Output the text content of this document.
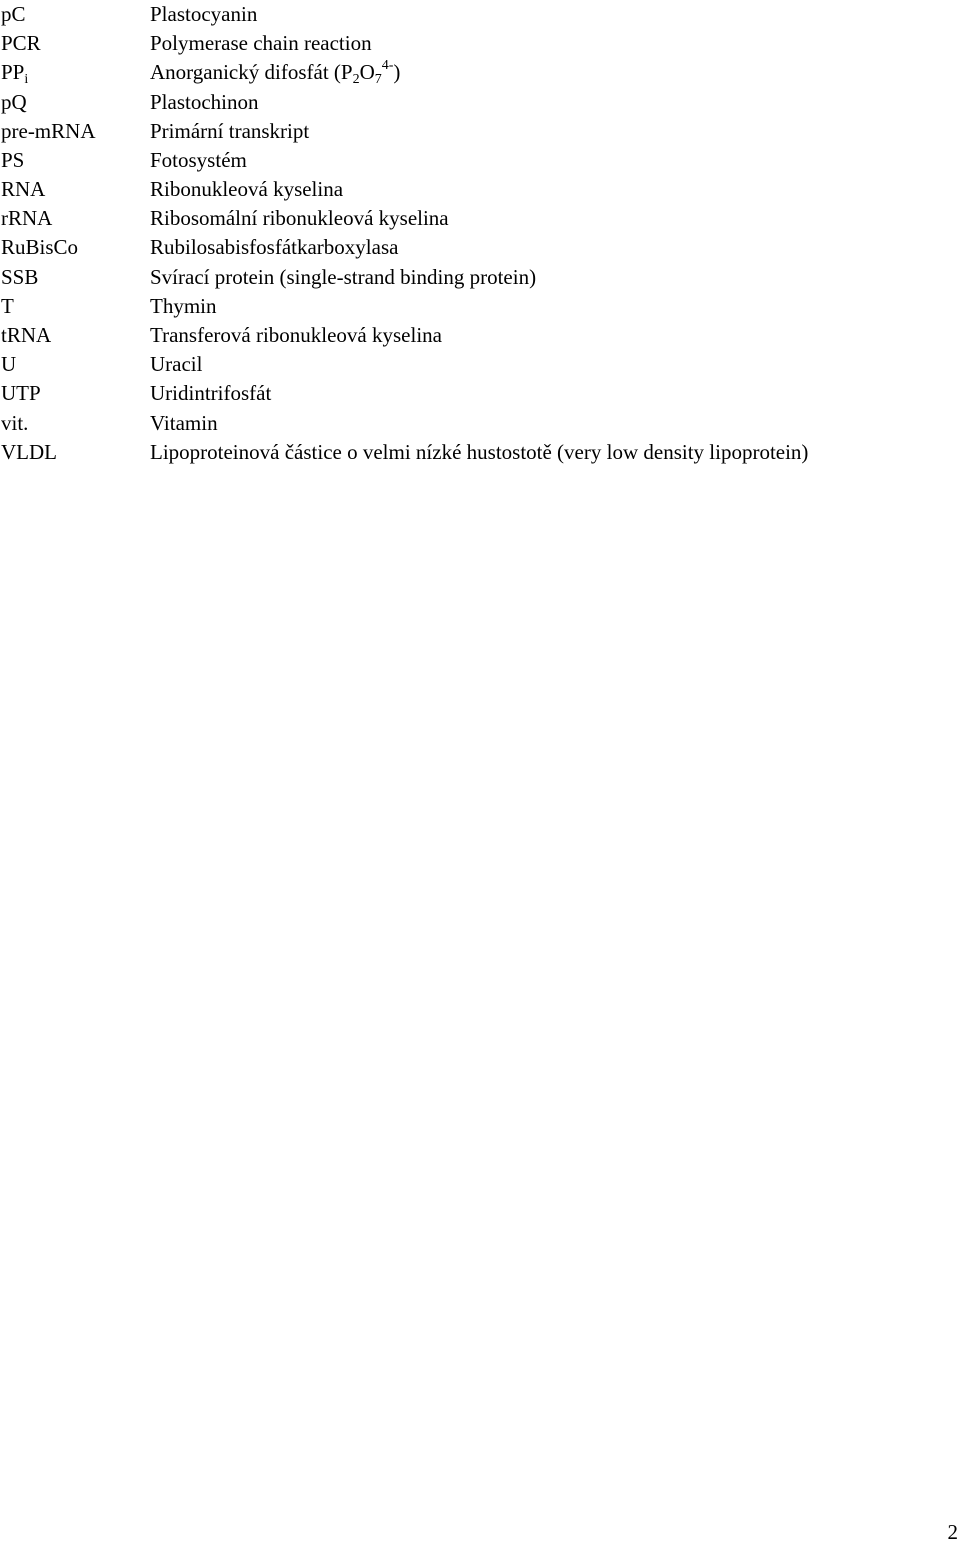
pC	Plastocyanin
PCR	Polymerase chain reaction
$PP_i$	Anorganický difosfát $(P_2O_7^{4-})$
pQ	Plastochinon
pre-mRNA	Primární transkript
PS	Fotosystém
RNA	Ribonukleová kyselina
rRNA	Ribosomální ribonukleová kyselina
RuBisCo	Rubilosabisfosfátkarboxylasa
SSB	Svírací protein (single-strand binding protein)
T	Thymin
tRNA	Transferová ribonukleová kyselina
U	Uracil
UTP	Uridintrifosfát
vit.	Vitamin
VLDL	Lipoproteinová částice o velmi nízké hustostotě (very low density lipoprotein)
2
